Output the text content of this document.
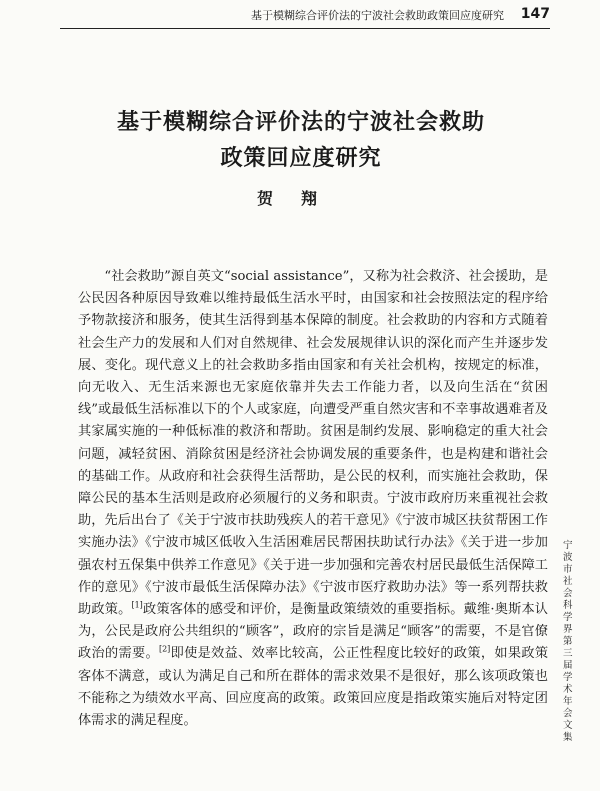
基于模糊综合评价法的宁波社会救助政策回应度研究 147
基于模糊综合评价法的宁波社会救助
政策回应度研究
贺翔

“社会救助”源自英文“social assistance”，又称为社会救济、社会援助，是公民因各种原因导致难以维持最低生活水平时，由国家和社会按照法定的程序给予物款接济和服务，使其生活得到基本保障的制度。社会救助的内容和方式随着社会生产力的发展和人们对自然规律、社会发展规律认识的深化而产生并逐步发展、变化。现代意义上的社会救助多指由国家和有关社会机构，按规定的标准，向无收入、无生活来源也无家庭依靠并失去工作能力者，以及向生活在“贫困线”或最低生活标准以下的个人或家庭，向遭受严重自然灾害和不幸事故遇难者及其家属实施的一种低标准的救济和帮助。贫困是制约发展、影响稳定的重大社会问题，减轻贫困、消除贫困是经济社会协调发展的重要条件，也是构建和谐社会的基础工作。从政府和社会获得生活帮助，是公民的权利，而实施社会救助，保障公民的基本生活则是政府必须履行的义务和职责。宁波市政府历来重视社会救助，先后出台了《关于宁波市扶助残疾人的若干意见》《宁波市城区扶贫帮困工作实施办法》《宁波市城区低收入生活困难居民帮困扶助试行办法》《关于进一步加强农村五保集中供养工作意见》《关于进一步加强和完善农村居民最低生活保障工作的意见》《宁波市最低生活保障办法》《宁波市医疗救助办法》等一系列帮扶救助政策。[1]政策客体的感受和评价，是衡量政策绩效的重要指标。戴维·奥斯本认为，公民是政府公共组织的“顾客”，政府的宗旨是满足“顾客”的需要，不是官僚政治的需要。[2]即使是效益、效率比较高，公正性程度比较好的政策，如果政策客体不满意，或认为满足自己和所在群体的需求效果不是很好，那么该项政策也不能称之为绩效水平高、回应度高的政策。政策回应度是指政策实施后对特定团体需求的满足程度。

宁波市社会科学界第三届学术年会文集
